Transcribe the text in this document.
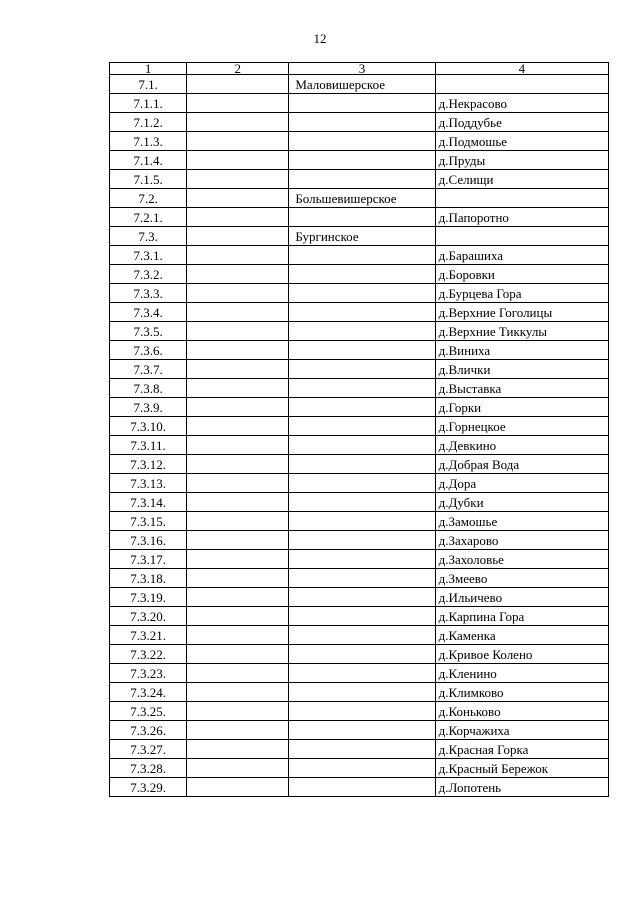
12
1	2	3	4
7.1.		Маловишерское	
7.1.1.			д.Некрасово
7.1.2.			д.Поддубье
7.1.3.			д.Подмошье
7.1.4.			д.Пруды
7.1.5.			д.Селищи
7.2.		Большевишерское	
7.2.1.			д.Папоротно
7.3.		Бургинское	
7.3.1.			д.Барашиха
7.3.2.			д.Боровки
7.3.3.			д.Бурцева Гора
7.3.4.			д.Верхние Гоголицы
7.3.5.			д.Верхние Тиккулы
7.3.6.			д.Виниха
7.3.7.			д.Влички
7.3.8.			д.Выставка
7.3.9.			д.Горки
7.3.10.			д.Горнецкое
7.3.11.			д.Девкино
7.3.12.			д.Добрая Вода
7.3.13.			д.Дора
7.3.14.			д.Дубки
7.3.15.			д.Замошье
7.3.16.			д.Захарово
7.3.17.			д.Захоловье
7.3.18.			д.Змеево
7.3.19.			д.Ильичево
7.3.20.			д.Карпина Гора
7.3.21.			д.Каменка
7.3.22.			д.Кривое Колено
7.3.23.			д.Кленино
7.3.24.			д.Климково
7.3.25.			д.Коньково
7.3.26.			д.Корчажиха
7.3.27.			д.Красная Горка
7.3.28.			д.Красный Бережок
7.3.29.			д.Лопотень
